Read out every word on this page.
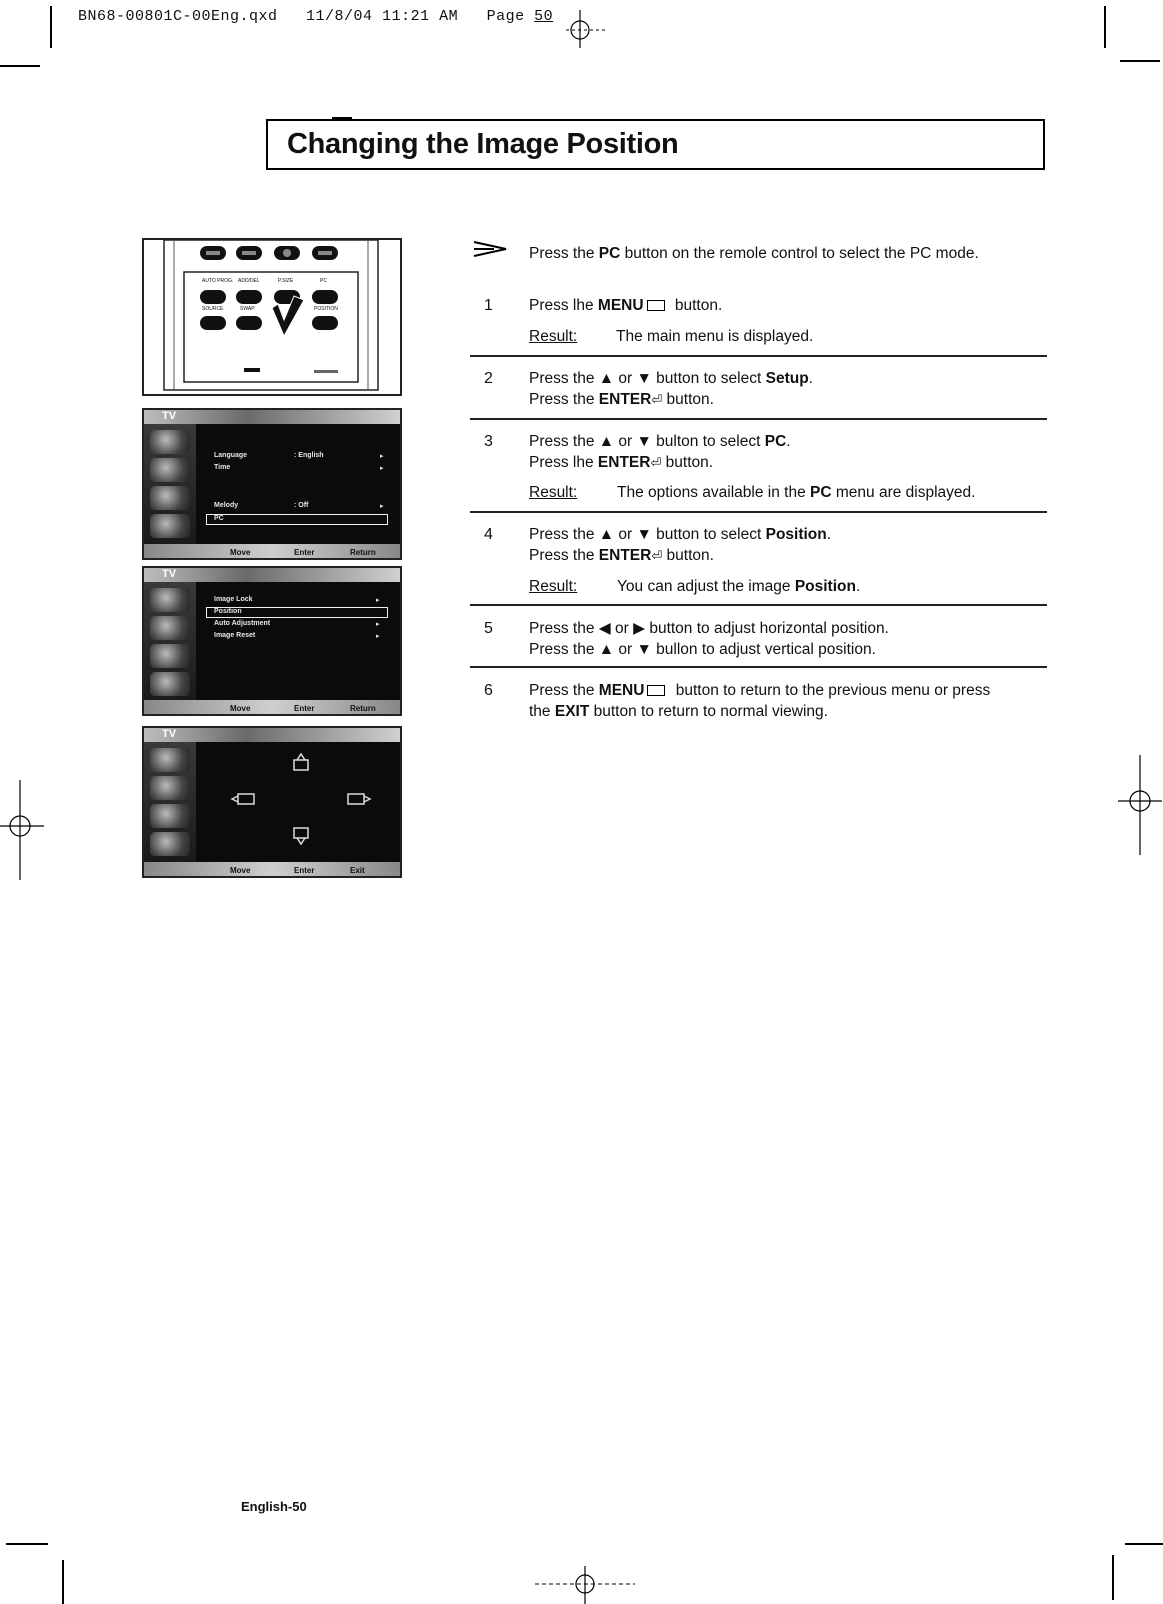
BN68-00801C-00Eng.qxd 11/8/04 11:21 AM Page 50
Changing the Image Position
AUTO PROG. ADD/DEL	P.SIZE	PC
SOURCE	SWAP	POSITION
TV
Language	: English	▸
Time	▸
Melody	: Off	▸
PC
Move	Enter	Return
TV
Image Lock	▸
Position
Auto Adjustment	▸
Image Reset	▸
Move	Enter	Return
TV
Move	Enter	Exit
Press the PC button on the remole control to select the PC mode.
1 Press lhe MENU button.
Result:	The main menu is displayed.
2 Press the ▲ or ▼ button to select Setup.
Press the ENTER⏎ button.
3 Press the ▲ or ▼ bulton to select PC.
Press lhe ENTER⏎ button.
Result:	The options available in the PC menu are displayed.
4 Press the ▲ or ▼ button to select Position.
Press the ENTER⏎ button.
Result:	You can adjust the image Position.
5 Press the ◀ or ▶ button to adjust horizontal position.
Press the ▲ or ▼ bullon to adjust vertical position.
6 Press the MENU button to return to the previous menu or press
the EXIT button to return to normal viewing.
English-50
